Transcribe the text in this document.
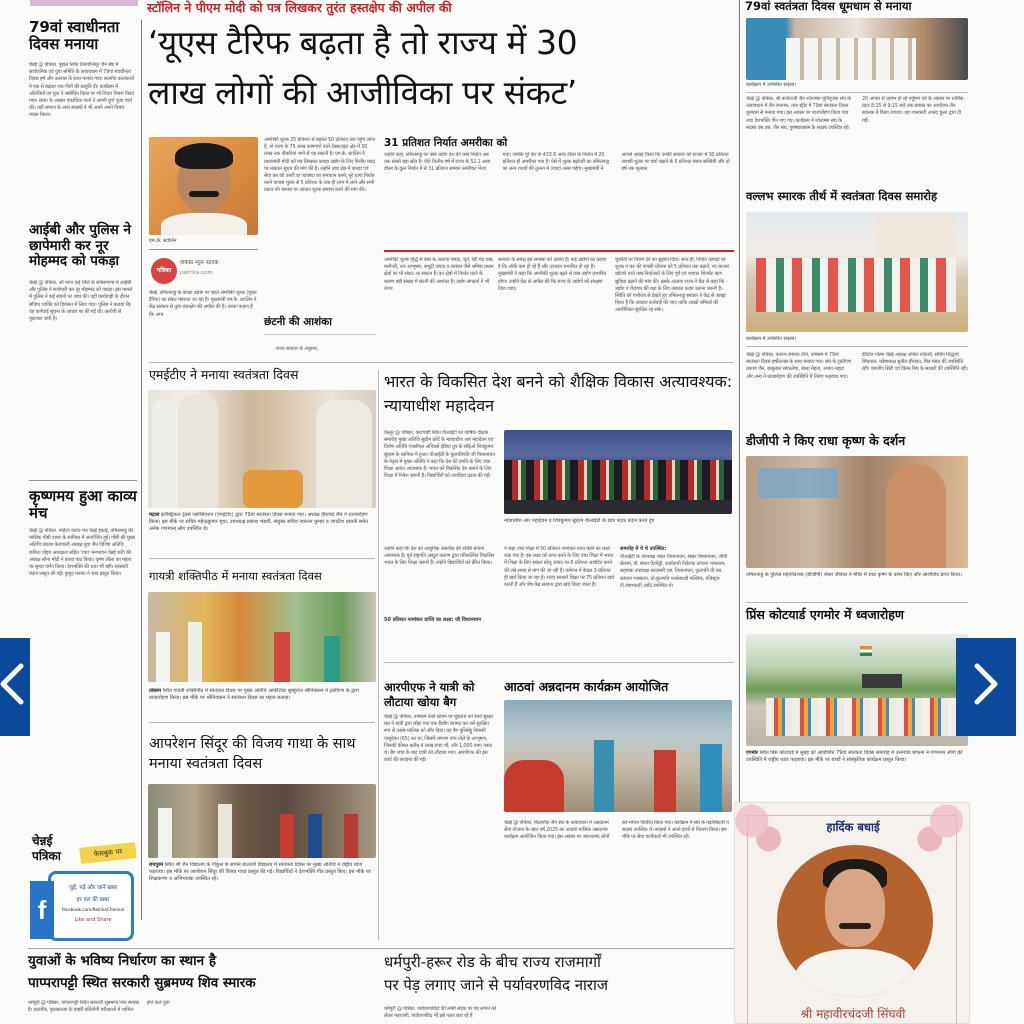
स्टॉलिन ने पीएम मोदी को पत्र लिखकर तुरंत हस्तक्षेप की अपील की
‘यूएस टैरिफ बढ़ता है तो राज्य में 30
लाख लोगों की आजीविका पर संकट’
79वां स्वाधीनता दिवस मनाया
चेन्नई @ पत्रिका. पुझल स्थित तिरुवोत्तियूर जैन संघ में सार्वजनिक एवं युवा समिति के तत्वावधान में 79वां स्वाधीनता दिवस हर्ष और उल्लास के साथ मनाया गया। स्थानीय कलाकारों ने एक से बढ़कर एक गीतों की प्रस्तुति दी। कार्यक्रम में अतिथियों एवं युवा ने संबोधित किया पर भी विचार विमर्श किया गया। संध्या के अवसर एकाधिक वार्ता ने अपनी दुर्गा पूजा चर्चा की। यहाँ समाज के अन्य सदस्यों ने भी अपने अपने विचार व्यक्त किया।
आईबी और पुलिस ने छापेमारी कर नूर मोहम्मद को पकड़ा
चेन्नई @ पत्रिका. ओ माना कई जिले के सर्वसामान्य में आईबी और पुलिस ने छापेमारी कर नूर मोहम्मद को पकड़ा। इस मामले में पुलिस ने कई स्थानों पर जांच की। वहीं कार्यवाही के दौरान संदिग्ध व्यक्ति को हिरासत में लिया गया। पुलिस ने बताया कि यह कार्रवाई सूचना के आधार पर की गई थी। आरोपी से पूछताछ जारी है।
कृष्णमय हुआ काव्य मंच
चेन्नई @ पत्रिका. महिला काव्य मंच चेन्नई इकाई, तमिलनाडु की मासिक गोष्ठी वाशर के सानिध्य में आयोजित हुई। गोष्ठी की मुख्य अतिथि प्रकाश फेरावाली अध्यक्ष युवा जैन विशिष्ट अतिथि कविता पोद्दार अध्यक्षता सहित 'राधा' मनभावन चेन्नई कवि की अध्यक्ष सोना मोदी ने काव्य पाठ किया। कृष्ण लीला का महत्व पर सुन्दर वर्णन किया। देशभक्ति की धारा भी बही। सरस्वती वंदना प्रस्तुत की गई। कुमुद मनाया ने भाव प्रस्तुत किया।
चेन्नई
पत्रिका	फेसबुक पर
f
जुड़ें, पढ़ें और जानें खबर
हर पल की खबर
facebook.com/PatrikaChennai
Like and Share
एम.के. स्टालिन
पत्रिका
पत्रिका न्यूज नेटवर्क
patrika.com
चेन्नई. तमिलनाडु के कपड़ा उद्योग पर पहले अमरीकी शुल्क (यूएस टैरिफ) का संकट मंडराता जा रहा है। मुख्यमंत्री एम.के. स्टालिन ने केंद्र सरकार से तुरंत हस्तक्षेप की अपील की है। उनका कहना है कि अगर
अमरीकी शुल्क 25 प्रतिशत से बढ़कर 50 प्रतिशत तक पहुंच जाता है, तो राज्य के 75 लाख कामगारों वाले टेक्सटाइल क्षेत्र में 30 लाख तक नौकरियां जाने से पड़ सकती है। एम.के. स्टालिन ने प्रधानमंत्री मोदी को पत्र लिखकर कपड़ा उद्योग के लिए वित्तीय मदद पर तत्काल सुधार की मांग की है। उन्होंने उच्च क्षेत्र में कपड़ा एवं सेवा कर को उत्तरी दर व्यवस्था का समाधान करने, पूरे धागा निर्यात करने कपास शुल्क से 5 प्रतिशत के तक ही लाभ में लाने और सभी प्रकार की कपास पर आयात शुल्क समाप्त करने की मांग की।
छंटनी की आशंका
राज्य सरकार के अनुसार,
31 प्रतिशत निर्यात अमरीका को
उन्होंने कहा, तमिलनाडु का वस्त्र उद्योग देश की वस्त्र निर्यात अब तक सबसे बड़ा स्रोत है। वीते वित्तीय वर्ष में राज्य के 52.1 अरब डॉलर के कुल निर्यात में से 31 प्रतिशत सामान अमरीका भेजा गया। जबकि पूरे देश के 433.6 अरब डॉलर के निर्यात में 20 प्रतिशत ही अमरीका गया है। ऐसे में शुल्क बढ़ोतरी का तमिलनाडु पर अन्य राज्यों की तुलना में ज्यादा असर पड़ेगा। मुख्यमंत्री ने आपसे आग्रह किया कि उनकी सरकार को बाजार में 30 प्रतिशत जवाबी शुल्क पर चर्चा बढ़ाने के 5 प्रतिशत ब्याज सब्सिडी और दो वर्ष तक मूलधन
अमरीकी शुल्क वृद्धि से वस्त्र के अलावा चमड़ा, जूते, रेडी मेड वस्त्र, मशीनरी, रत्न आभूषण, समुद्री उत्पाद व रसायन जैसे श्रमिक प्रधान क्षेत्रों पर भी संकट आ सकता है। इन क्षेत्रों में निर्यात घटने के कारण बड़ी संख्या में छंटनी की आशंका है। उद्योग संगठनों ने भी राज्य
सरकार के समक्ष इस समस्या को उठाया है। कई उद्योगों का कहना है कि ऑर्डर कम हो रहे हैं और उत्पादन प्रभावित हो रहा है। मुख्यमंत्री ने कहा कि अमरीकी शुल्क बढ़ने से वस्त्र उद्योग प्रभावित होगा। उन्होंने केंद्र से अपील की कि राज्य के उद्योगों को संरक्षण दिया जाए।
चुकौती पर विराम देने का सुझाव दिया। साथ ही, निर्यात उत्पादों पर शुल्क व कर की वापसी योजना को 5 प्रतिशत तक बढ़ाने, नए बाजार खोजने वाले वस्त्र निर्यातकों के लिए पूर्व एवं पश्चात शिपमेंट ऋण सुविधा बढ़ाने की मांग की। इसके अलावा राज्य ने केंद्र से कहा कि उद्योग व रोजगार की रक्षा के लिए तत्काल कदम उठाना जरूरी है। स्थिति को गंभीरता से देखते हुए तमिलनाडु सरकार ने केंद्र से आग्रह किया है कि तत्काल कार्रवाई की जाए ताकि लाखों श्रमिकों की आजीविका सुरक्षित रह सके।
एमईटीए ने मनाया स्वतंत्रता दिवस
मद्रास इलेक्ट्रिकल ट्रेडर्स एसोसिएशन (एमईटीए) द्वारा 79वां स्वतंत्रता दिवस मनाया गया। अध्यक्ष हीराचंद जैन ने ध्वजारोहण किया। इस मौके पर सचिव महेन्द्रकुमार मूथा, उपाध्यक्ष प्रकाश भंडारी, संयुक्त सचिव नवरतन कुमार व जगदीश दसानी समेत अनेक गणमान्य लोग उपस्थित थे।
गायत्री शक्तिपीठ में मनाया स्वतंत्रता दिवस
तांबरम स्थित गायत्री शक्तिपीठ में स्वतंत्रता दिवस पर मुख्य अतिथि आर्कीटेक्ट सुब्बुराज श्रीनिवासन ने ट्रस्टीगण के द्वारा ध्वजारोहण किया। इस मौके पर श्रीनिवासन ने स्वतंत्रता दिवस का महत्व बताया।
आपरेशन सिंदूर की विजय गाथा के साथ मनाया स्वतंत्रता दिवस
रायपुरम स्थित श्री जैन विद्यालय के गोकुल के सामने बालाजी विद्यालय में स्वतंत्रता दिवस पर मुख्य अतिथि ने राष्ट्रीय ध्वज फहराया। इस मौके पर आपरेशन सिंदूर की विजय गाथा प्रस्तुत की गई। विद्यार्थियों ने देशभक्ति गीत प्रस्तुत किए। इस मौके पर शिक्षकगण व अभिभावक उपस्थित रहे।
भारत के विकसित देश बनने को शैक्षिक विकास अत्यावश्यक: न्यायाधीश महादेवन
वेल्लूर @ पत्रिका. काटपाडी स्थित वीआईटी का वार्षिक दीक्षांत समारोह मुख्य अतिथि सुप्रीम कोर्ट के न्यायाधीश आर महादेवन एवं विशेष अतिथि एचसीएल अचिवर्स इंडिया ग्रुप के सीईओ शिवकुमार सुंदरम के सानिध्य में हुआ। वीआईटी के कुलाधिपति जी विश्वनाथन के नेतृत्व में मुख्य अतिथि ने कहा कि देश की प्रगति के लिए उच्च शिक्षा अत्यंत आवश्यक है। भारत को विकसित देश बनाने के लिए शिक्षा में निवेश जरूरी है। विद्यार्थियों को उपाधियां प्रदान की गईं।
न्यायाधीश आर महादेवन व शिवकुमार सुंदरम वीआईटी के छात्र पदक प्रदान करते हुए
उन्होंने कहा कि देश को आधुनिक तकनीक की शक्ति बनाना आवश्यक है। पूर्व राष्ट्रपति अब्दुल कलाम द्वारा परिकल्पित विकसित भारत के लिए शिक्षा जरूरी है। उन्होंने विद्यार्थियों को प्रेरित किया।
50 प्रतिशत नामांकन प्राप्ति का लक्ष्य: जी विश्वनाथन
ने कहा उच्च शिक्षा में 50 प्रतिशत नामांकन प्राप्त करने का लक्ष्य रखा गया है। इस लक्ष्य को प्राप्त करने के लिए उच्च शिक्षा में भारत में शिक्षा के लिए सकल घरेलू उत्पाद का 6 प्रतिशत आवंटित करने की लंबे समय से मांग की जा रही है। वर्तमान में केवल 3 प्रतिशत ही खर्च किया जा रहा है। राज्य सरकारें शिक्षा पर 75 प्रतिशत खर्च करती हैं और शेष केंद्र सरकार द्वारा खर्च किया जाता है।
समारोह में ये थे उपस्थित:
वीआईटी के उपाध्यक्ष शंकर विश्वनाथन, सेखर विश्वनाथन, जीवी सेल्वम, डॉ. संध्या पेंटारेड्डी, कार्यकारी निदेशक कांचना भास्करन, सहायक उपाध्यक्ष कादम्बरी एस. विश्वनाथन, कुलपति वी.एस. कांचना भास्करन, प्रो-कुलपति पार्थसारथी मल्लिक, रजिस्ट्रार टी.जयभारती आदि उपस्थित थे।
आरपीएफ ने यात्री को लौटाया खोया बैग
चेन्नई @ पत्रिका. ताम्बरम रेलवे स्टेशन पर शुक्रवार को रेलवे सुरक्षा बल ने यात्री द्वारा छोड़ा गया एक हैंडबैग बरामद कर उसे सुरक्षित रूप से उसके मालिक को सौंप दिया। यह बैग पुलिसेट्टू निवासी वासुदेवन (65) का था, जिसमें लगभग पांच तोले के आभूषण, जिनकी कीमत करीब 4 लाख रुपए थी, और 1,000 रुपए नकद थे। बैग जांच के बाद यात्री को लौटाया गया। आरपीएफ की इस कार्य की सराहना की गई।
आठवां अन्नदानम कार्यक्रम आयोजित
चेन्नई @ पत्रिका. किलपॉक जैन संघ के तत्वावधान में अन्नदानम सेवा योजना के तहत वर्ष 2025 का आठवां मासिक अन्नदानम कार्यक्रम आयोजित किया गया। इस अवसर पर जरूरतमंद लोगों को भोजन वितरित किया गया। कार्यक्रम में संघ के पदाधिकारी व सदस्य उपस्थित थे। सदस्यों ने अपने हाथों से वितरण किया। इस मौके पर सेवा कार्यकर्ता भी उपस्थित रहे।
79वां स्वतंत्रता दिवस धूमधाम से मनाया
कार्यक्रम में उपस्थित सदस्य।
चेन्नई @ पत्रिका. श्री कपोलजी जैन श्वेताम्बर मूर्तिपूजक संघ के तत्वावधान में जैन स्थानक, तारा स्ट्रीट में 79वां स्वतंत्रता दिवस धूमधाम से मनाया गया। इस अवसर पर ध्वजारोहण किया गया तथा देशभक्ति गीत गाए गए। कार्यक्रम में श्वेताम्बर संघ के सदस्य एस.एस. जैन संघ, पुरुषवाक्कम के सदस्य उपस्थित रहे। 20 अगस्त से प्रारम्भ हो रहे पर्युषण पर्व के अवसर पर धार्मिक प्रातः 8:15 से 9:15 बजे तक प्रवचन का आयोजन जैन स्थानक में किया जाएगा। यह जानकारी आनंद चुत्तर द्वारा दी गई।
वल्लभ स्मारक तीर्थ में स्वतंत्रता दिवस समारोह
कार्यक्रम में उपस्थित सदस्य।
चेन्नई @ पत्रिका. वल्लभ स्मारक तीर्थ, ताम्बरम में 79वां स्वतंत्रता दिवस हर्षोल्लास के साथ मनाया गया। संघ के ट्रस्टीगण प्रकाश जैन, बाबूलाल सांकलेचा, बाला मेहता, अजय नाहटा और अन्य ने ध्वजारोहण की उपस्थिति में तिरंगा फहराया गया। हेरिटेज गोल्फ चेन्नई अध्यक्ष अनिल कोठारी, सचिव सिद्धार्थ सिंघवाल, कोषाध्यक्ष सुनील हीरावत, मित्र मंडल की उपस्थिति रही। एसजीए सिटी एवं किंग्स मित्र के सदस्यों की उपस्थिति रही।
डीजीपी ने किए राधा कृष्ण के दर्शन
तमिलनाडु के पुलिस महानिदेशक (डीजीपी) शंकर जीवाल ने मंदिर में राधा कृष्ण के दर्शन किए और आशीर्वाद प्राप्त किया।
प्रिंस कोटयार्ड एगमोर में ध्वजारोहण
एगमोर स्थित प्रिंस कोटयार्ड में सुबह को आयोजित 79वां स्वतंत्रता दिवस समारोह में उत्तमचंद बाफना ने गणमान्य लोगों की उपस्थिति में राष्ट्रीय ध्वज फहराया। इस मौके पर बच्चों ने सांस्कृतिक कार्यक्रम प्रस्तुत किया।
हार्दिक बधाई
श्री महावीरचंदजी सिंघवी
युवाओं के भविष्य निर्धारण का स्थान है
पाप्परापट्टी स्थित सरकारी सुब्रमण्य शिव स्मारक
धर्मपुरी @ पत्रिका. पाप्परापट्टी स्थित सरकारी सुब्रमण्य शिव स्मारक है। हालांकि, पुस्तकालय के बाहरी प्रतियोगी परीक्षाओं में शामिल होने वाले युवा
धर्मपुरी-हरूर रोड के बीच राज्य राजमार्गों
पर पेड़ लगाए जाने से पर्यावरणविद नाराज
धर्मपुरी @ पत्रिका. पर्यावरणविदों की लम्बी सड़क पर पेड़ लगाने को लेकर नाराजगी, पर्यावरणविद भी इसे गलत बता रहे हैं
